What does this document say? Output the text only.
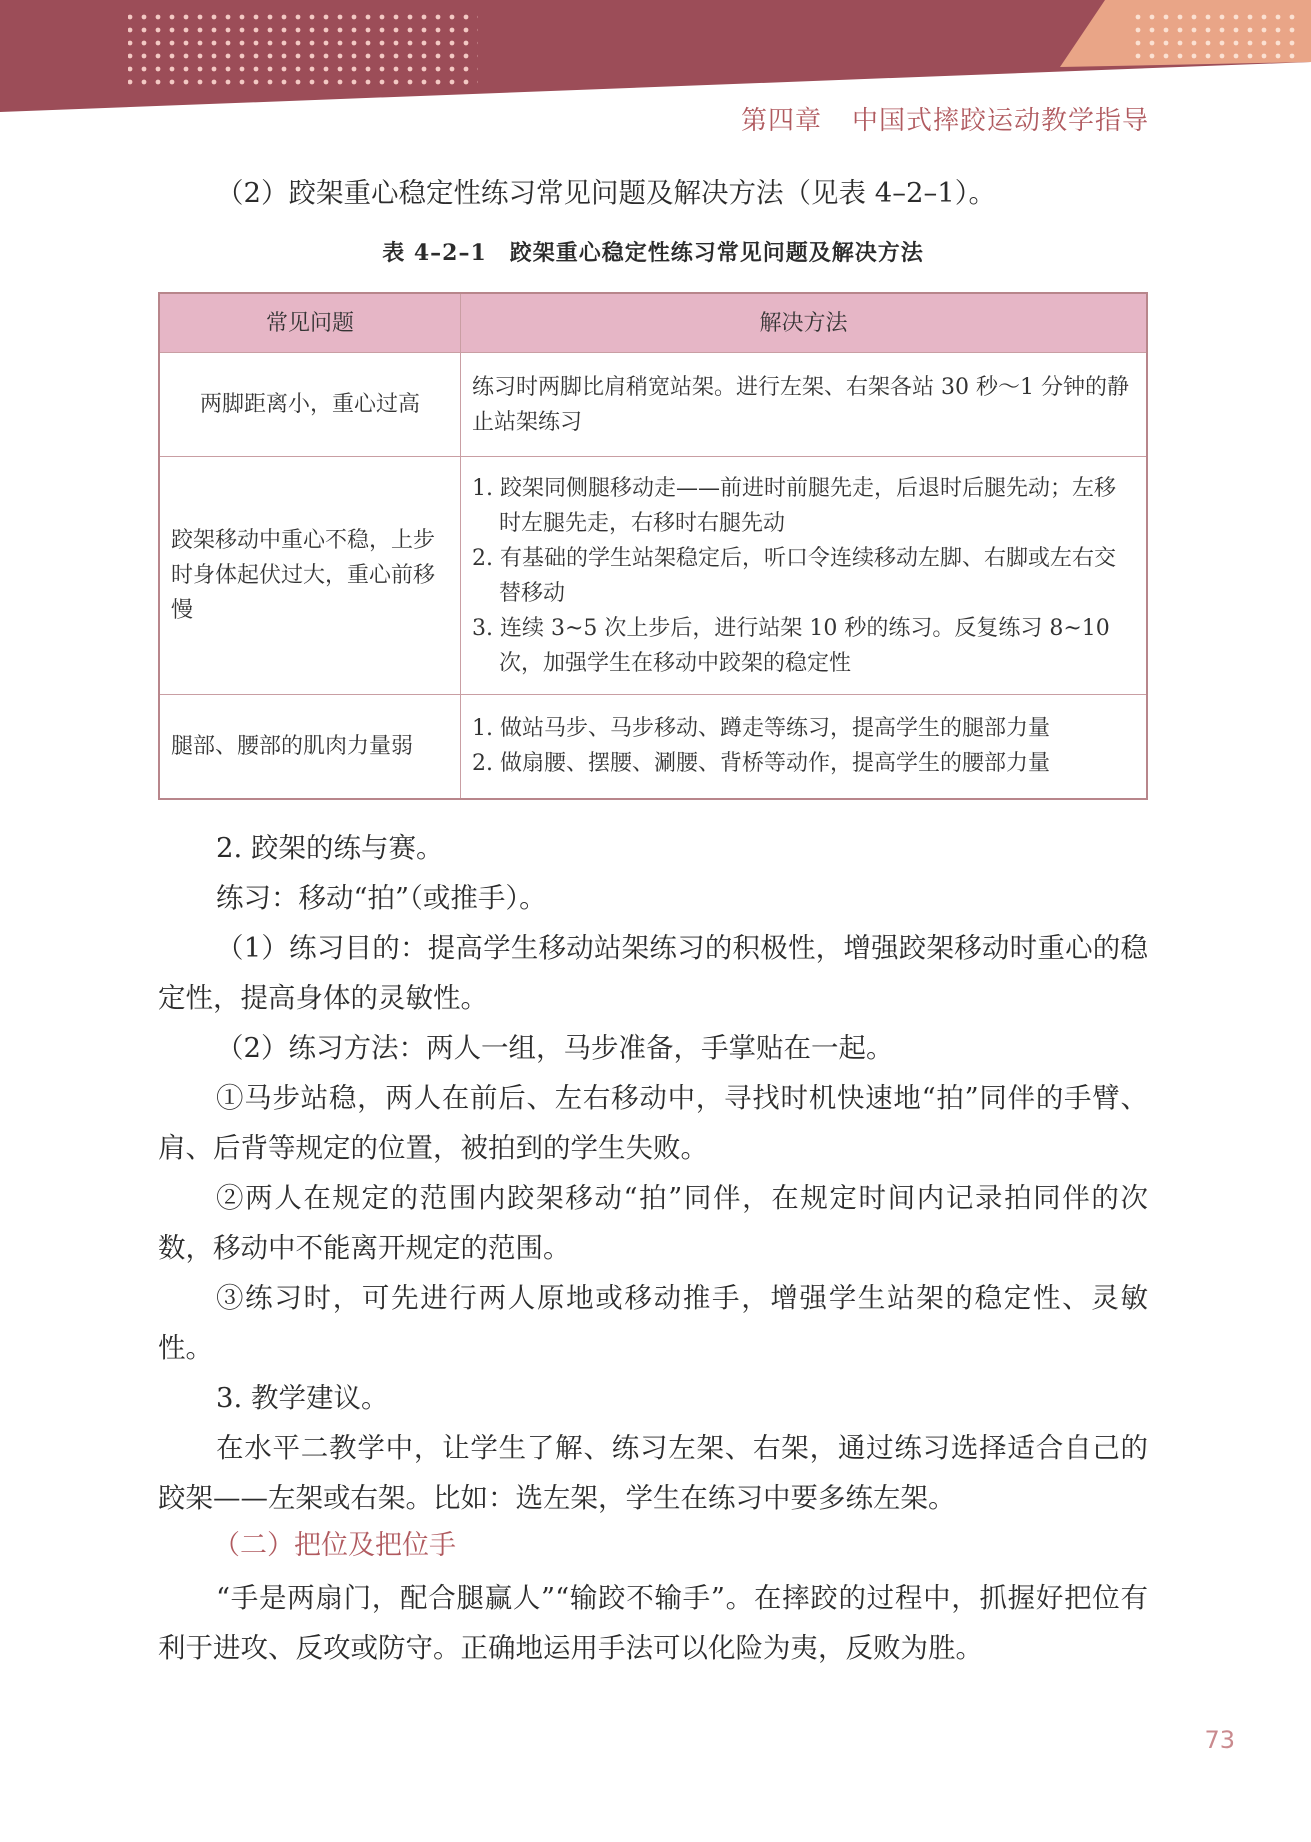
第四章 中国式摔跤运动教学指导

（2）跤架重心稳定性练习常见问题及解决方法（见表 4–2–1）。

表 4–2–1　跤架重心稳定性练习常见问题及解决方法
常见问题	解决方法
两脚距离小，重心过高	练习时两脚比肩稍宽站架。进行左架、右架各站 30 秒～1 分钟的静止站架练习

跤架移动中重心不稳，上步时身体起伏过大，重心前移慢	1. 跤架同侧腿移动走——前进时前腿先走，后退时后腿先动；左移时左腿先走，右移时右腿先动
2. 有基础的学生站架稳定后，听口令连续移动左脚、右脚或左右交替移动
3. 连续 3~5 次上步后，进行站架 10 秒的练习。反复练习 8~10 次，加强学生在移动中跤架的稳定性

腿部、腰部的肌肉力量弱	1. 做站马步、马步移动、蹲走等练习，提高学生的腿部力量
2. 做扇腰、摆腰、涮腰、背桥等动作，提高学生的腰部力量

2. 跤架的练与赛。

练习：移动“拍”（或推手）。

（1）练习目的：提高学生移动站架练习的积极性，增强跤架移动时重心的稳定性，提高身体的灵敏性。

（2）练习方法：两人一组，马步准备，手掌贴在一起。

①马步站稳，两人在前后、左右移动中，寻找时机快速地“拍”同伴的手臂、肩、后背等规定的位置，被拍到的学生失败。

②两人在规定的范围内跤架移动“拍”同伴，在规定时间内记录拍同伴的次数，移动中不能离开规定的范围。

③练习时，可先进行两人原地或移动推手，增强学生站架的稳定性、灵敏性。

3. 教学建议。

在水平二教学中，让学生了解、练习左架、右架，通过练习选择适合自己的跤架——左架或右架。比如：选左架，学生在练习中要多练左架。

（二）把位及把位手

“手是两扇门，配合腿赢人”“输跤不输手”。在摔跤的过程中，抓握好把位有利于进攻、反攻或防守。正确地运用手法可以化险为夷，反败为胜。

73
